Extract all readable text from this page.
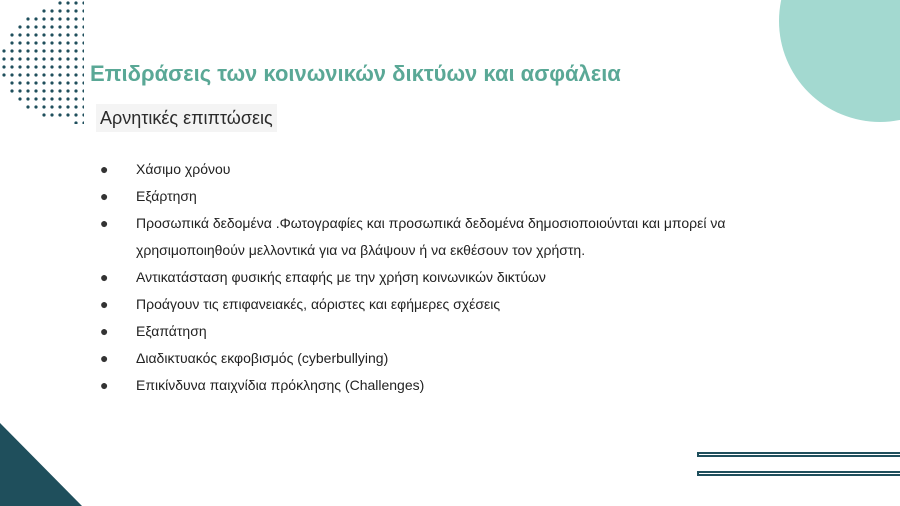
Επιδράσεις των κοινωνικών δικτύων και ασφάλεια
Αρνητικές επιπτώσεις
● Χάσιμο χρόνου
● Εξάρτηση
● Προσωπικά δεδομένα .Φωτογραφίες και προσωπικά δεδομένα δημοσιοποιούνται και μπορεί να
χρησιμοποιηθούν μελλοντικά για να βλάψουν ή να εκθέσουν τον χρήστη.
● Αντικατάσταση φυσικής επαφής με την χρήση κοινωνικών δικτύων
● Προάγουν τις επιφανειακές, αόριστες και εφήμερες σχέσεις
● Εξαπάτηση
● Διαδικτυακός εκφοβισμός (cyberbullying)
● Επικίνδυνα παιχνίδια πρόκλησης (Challenges)
